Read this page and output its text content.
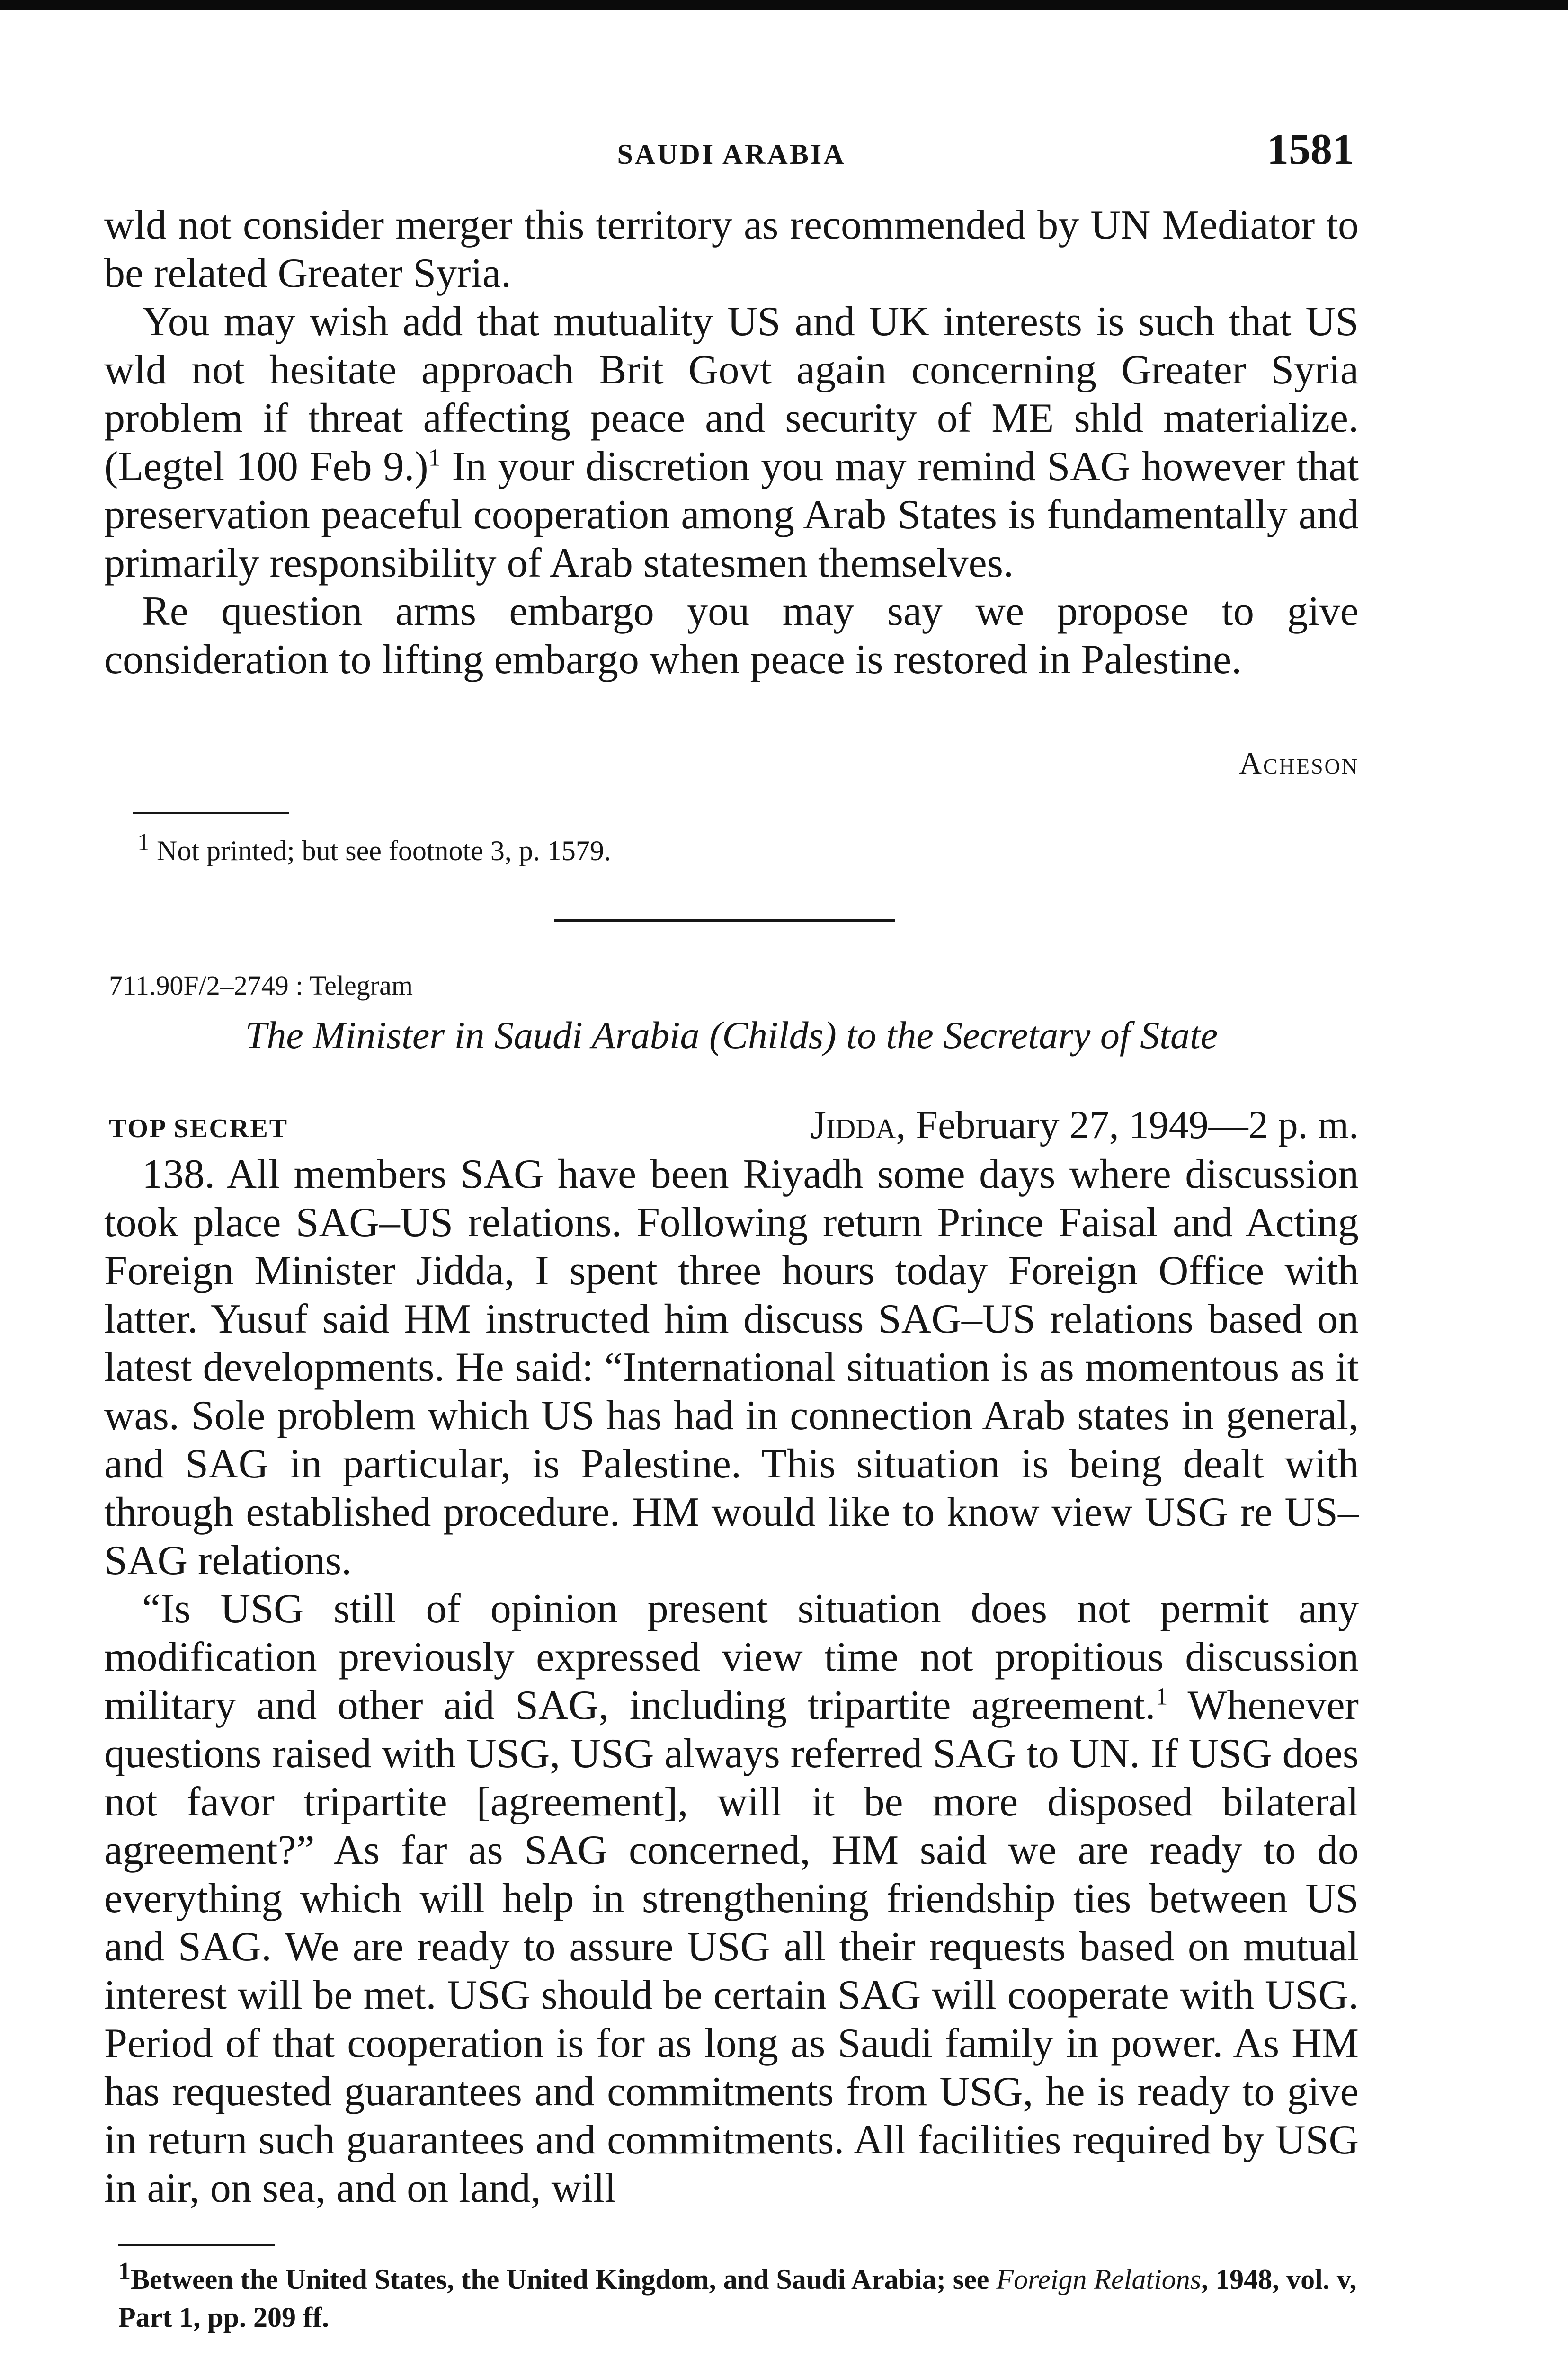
SAUDI ARABIA	1581

wld not consider merger this territory as recommended by UN Mediator to be related Greater Syria.

You may wish add that mutuality US and UK interests is such that US wld not hesitate approach Brit Govt again concerning Greater Syria problem if threat affecting peace and security of ME shld materialize. (Legtel 100 Feb 9.)$^1$ In your discretion you may remind SAG however that preservation peaceful cooperation among Arab States is fundamentally and primarily responsibility of Arab statesmen themselves.

Re question arms embargo you may say we propose to give consideration to lifting embargo when peace is restored in Palestine.

Acheson

1 Not printed; but see footnote 3, p. 1579.

711.90F/2–2749 : Telegram

The Minister in Saudi Arabia (Childs) to the Secretary of State

TOP SECRET	Jidda, February 27, 1949—2 p. m.

138. All members SAG have been Riyadh some days where discussion took place SAG–US relations. Following return Prince Faisal and Acting Foreign Minister Jidda, I spent three hours today Foreign Office with latter. Yusuf said HM instructed him discuss SAG–US relations based on latest developments. He said: “International situation is as momentous as it was. Sole problem which US has had in connection Arab states in general, and SAG in particular, is Palestine. This situation is being dealt with through established procedure. HM would like to know view USG re US–SAG relations.

“Is USG still of opinion present situation does not permit any modification previously expressed view time not propitious discussion military and other aid SAG, including tripartite agreement.$^1$ Whenever questions raised with USG, USG always referred SAG to UN. If USG does not favor tripartite [agreement], will it be more disposed bilateral agreement?” As far as SAG concerned, HM said we are ready to do everything which will help in strengthening friendship ties between US and SAG. We are ready to assure USG all their requests based on mutual interest will be met. USG should be certain SAG will cooperate with USG. Period of that cooperation is for as long as Saudi family in power. As HM has requested guarantees and commitments from USG, he is ready to give in return such guarantees and commitments. All facilities required by USG in air, on sea, and on land, will

1Between the United States, the United Kingdom, and Saudi Arabia; see Foreign Relations, 1948, vol. v, Part 1, pp. 209 ff.
